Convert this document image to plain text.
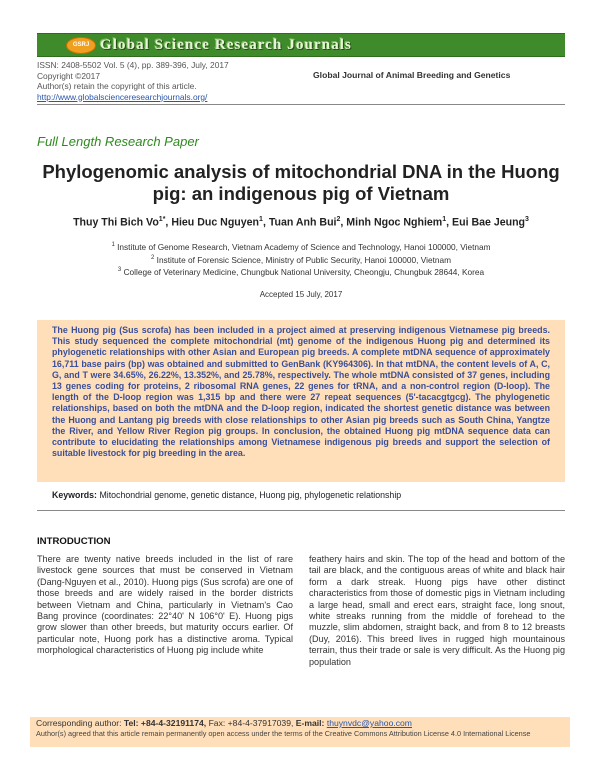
GSRJ Global Science Research Journals
ISSN: 2408-5502 Vol. 5 (4), pp. 389-396, July, 2017
Copyright ©2017
Author(s) retain the copyright of this article.
http://www.globalscienceresearchjournals.org/
Global Journal of Animal Breeding and Genetics
Full Length Research Paper
Phylogenomic analysis of mitochondrial DNA in the Huong pig: an indigenous pig of Vietnam
Thuy Thi Bich $Vo^{1*}$, Hieu Duc Nguyen$^1$, Tuan Anh Bui$^2$, Minh Ngoc Nghiem$^1$, Eui Bae Jeung$^3$
$^1$ Institute of Genome Research, Vietnam Academy of Science and Technology, Hanoi 100000, Vietnam
$^2$ Institute of Forensic Science, Ministry of Public Security, Hanoi 100000, Vietnam
$^3$ College of Veterinary Medicine, Chungbuk National University, Cheongju, Chungbuk 28644, Korea
Accepted 15 July, 2017
The Huong pig (Sus scrofa) has been included in a project aimed at preserving indigenous Vietnamese pig breeds. This study sequenced the complete mitochondrial (mt) genome of the indigenous Huong pig and determined its phylogenetic relationships with other Asian and European pig breeds. A complete mtDNA sequence of approximately 16,711 base pairs (bp) was obtained and submitted to GenBank (KY964306). In that mtDNA, the content levels of A, C, G, and T were 34.65%, 26.22%, 13.352%, and 25.78%, respectively. The whole mtDNA consisted of 37 genes, including 13 genes coding for proteins, 2 ribosomal RNA genes, 22 genes for tRNA, and a non-control region (D-loop). The length of the D-loop region was 1,315 bp and there were 27 repeat sequences (5'-tacacgtgcg). The phylogenetic relationships, based on both the mtDNA and the D-loop region, indicated the shortest genetic distance was between the Huong and Lantang pig breeds with close relationships to other Asian pig breeds such as South China, Yangtze the River, and Yellow River Region pig groups. In conclusion, the obtained Huong pig mtDNA sequence data can contribute to elucidating the relationships among Vietnamese indigenous pig breeds and support the selection of suitable livestock for pig breeding in the area.
Keywords: Mitochondrial genome, genetic distance, Huong pig, phylogenetic relationship
INTRODUCTION
There are twenty native breeds included in the list of rare livestock gene sources that must be conserved in Vietnam (Dang-Nguyen et al., 2010). Huong pigs (Sus scrofa) are one of those breeds and are widely raised in the border districts between Vietnam and China, particularly in Vietnam's Cao Bang province (coordinates: 22°40' N 106°0' E). Huong pigs grow slower than other breeds, but maturity occurs earlier. Of particular note, Huong pork has a distinctive aroma. Typical morphological characteristics of Huong pig include white
feathery hairs and skin. The top of the head and bottom of the tail are black, and the contiguous areas of white and black hair form a dark streak. Huong pigs have other distinct characteristics from those of domestic pigs in Vietnam including a large head, small and erect ears, straight face, long snout, white streaks running from the middle of forehead to the muzzle, slim abdomen, straight back, and from 8 to 12 breasts (Duy, 2016). This breed lives in rugged high mountainous terrain, thus their trade or sale is very difficult. As the Huong pig population
Corresponding author: Tel: +84-4-32191174, Fax: +84-4-37917039, E-mail: thuynvdc@yahoo.com
Author(s) agreed that this article remain permanently open access under the terms of the Creative Commons Attribution License 4.0 International License
